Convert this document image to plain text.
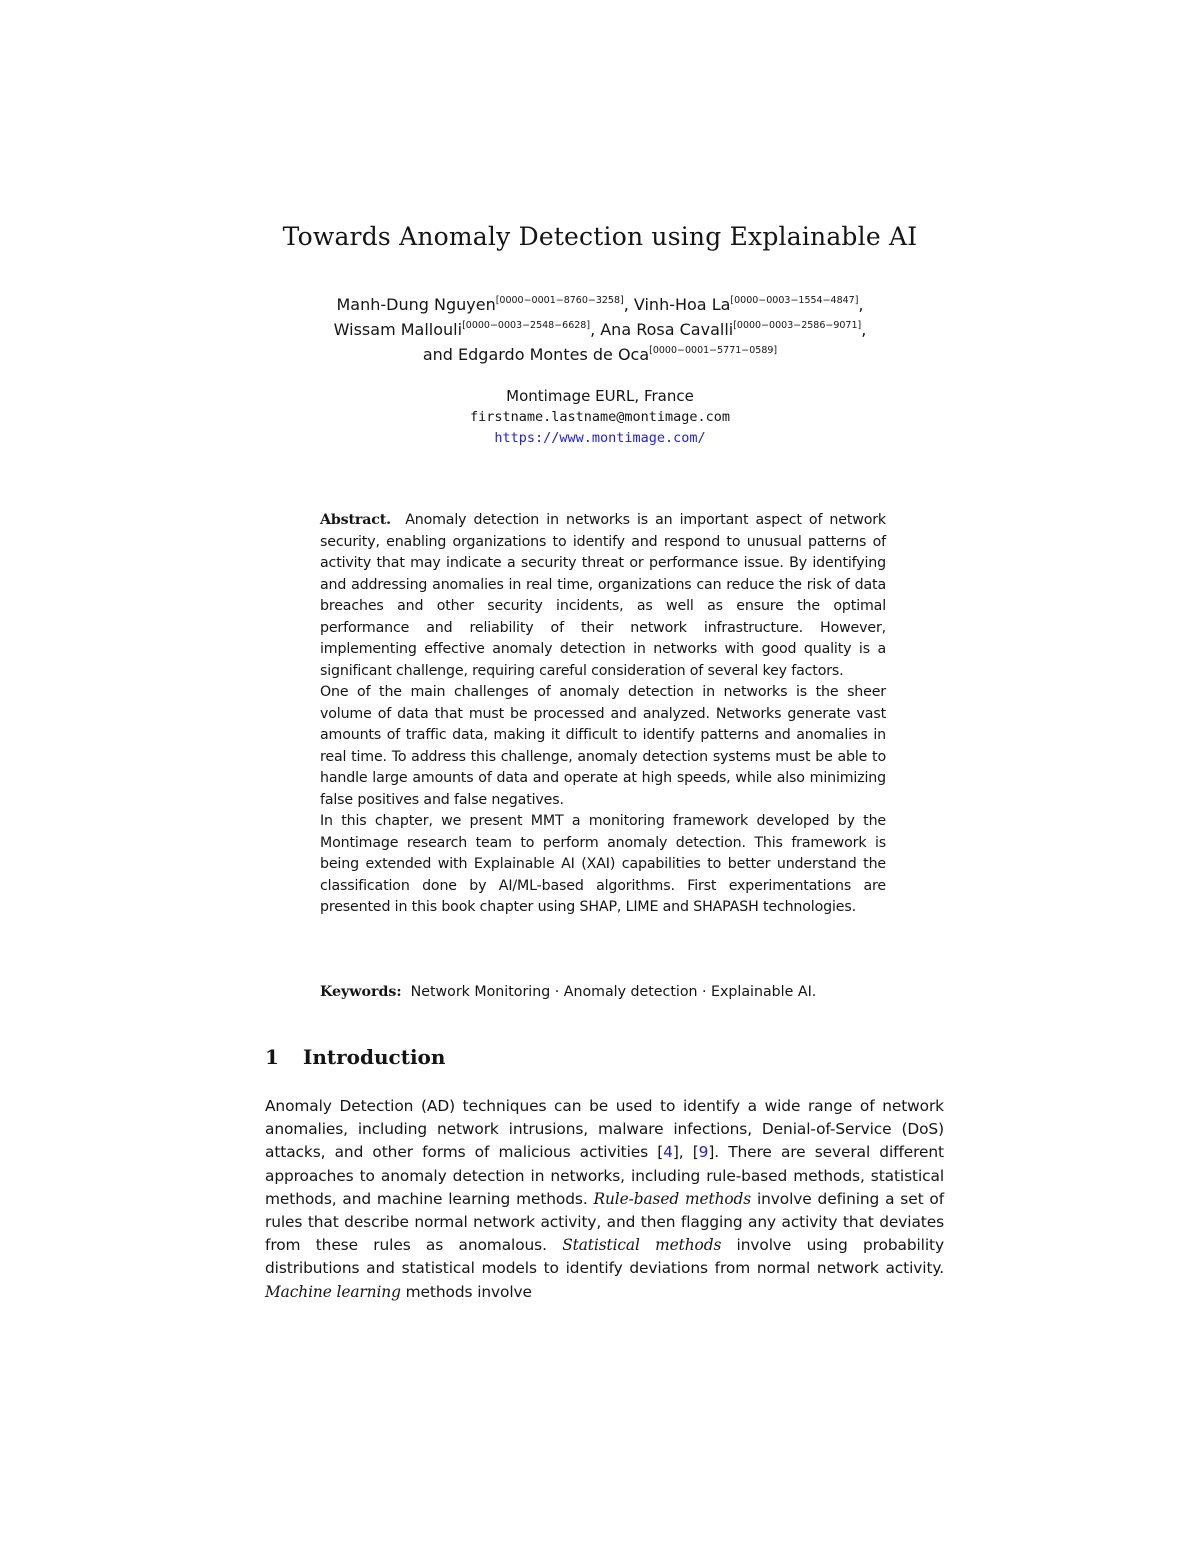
Towards Anomaly Detection using Explainable AI
Manh-Dung Nguyen[0000−0001−8760−3258], Vinh-Hoa La[0000−0003−1554−4847],
Wissam Mallouli[0000−0003−2548−6628], Ana Rosa Cavalli[0000−0003−2586−9071],
and Edgardo Montes de Oca[0000−0001−5771−0589]
Montimage EURL, France
firstname.lastname@montimage.com
https://www.montimage.com/

Abstract. Anomaly detection in networks is an important aspect of network security, enabling organizations to identify and respond to unusual patterns of activity that may indicate a security threat or performance issue. By identifying and addressing anomalies in real time, organizations can reduce the risk of data breaches and other security incidents, as well as ensure the optimal performance and reliability of their network infrastructure. However, implementing effective anomaly detection in networks with good quality is a significant challenge, requiring careful consideration of several key factors.

One of the main challenges of anomaly detection in networks is the sheer volume of data that must be processed and analyzed. Networks generate vast amounts of traffic data, making it difficult to identify patterns and anomalies in real time. To address this challenge, anomaly detection systems must be able to handle large amounts of data and operate at high speeds, while also minimizing false positives and false negatives.

In this chapter, we present MMT a monitoring framework developed by the Montimage research team to perform anomaly detection. This framework is being extended with Explainable AI (XAI) capabilities to better understand the classification done by AI/ML-based algorithms. First experimentations are presented in this book chapter using SHAP, LIME and SHAPASH technologies.

Keywords: Network Monitoring · Anomaly detection · Explainable AI.
1 Introduction

Anomaly Detection (AD) techniques can be used to identify a wide range of network anomalies, including network intrusions, malware infections, Denial-of-Service (DoS) attacks, and other forms of malicious activities [4], [9]. There are several different approaches to anomaly detection in networks, including rule-based methods, statistical methods, and machine learning methods. Rule-based methods involve defining a set of rules that describe normal network activity, and then flagging any activity that deviates from these rules as anomalous. Statistical methods involve using probability distributions and statistical models to identify deviations from normal network activity. Machine learning methods involve
